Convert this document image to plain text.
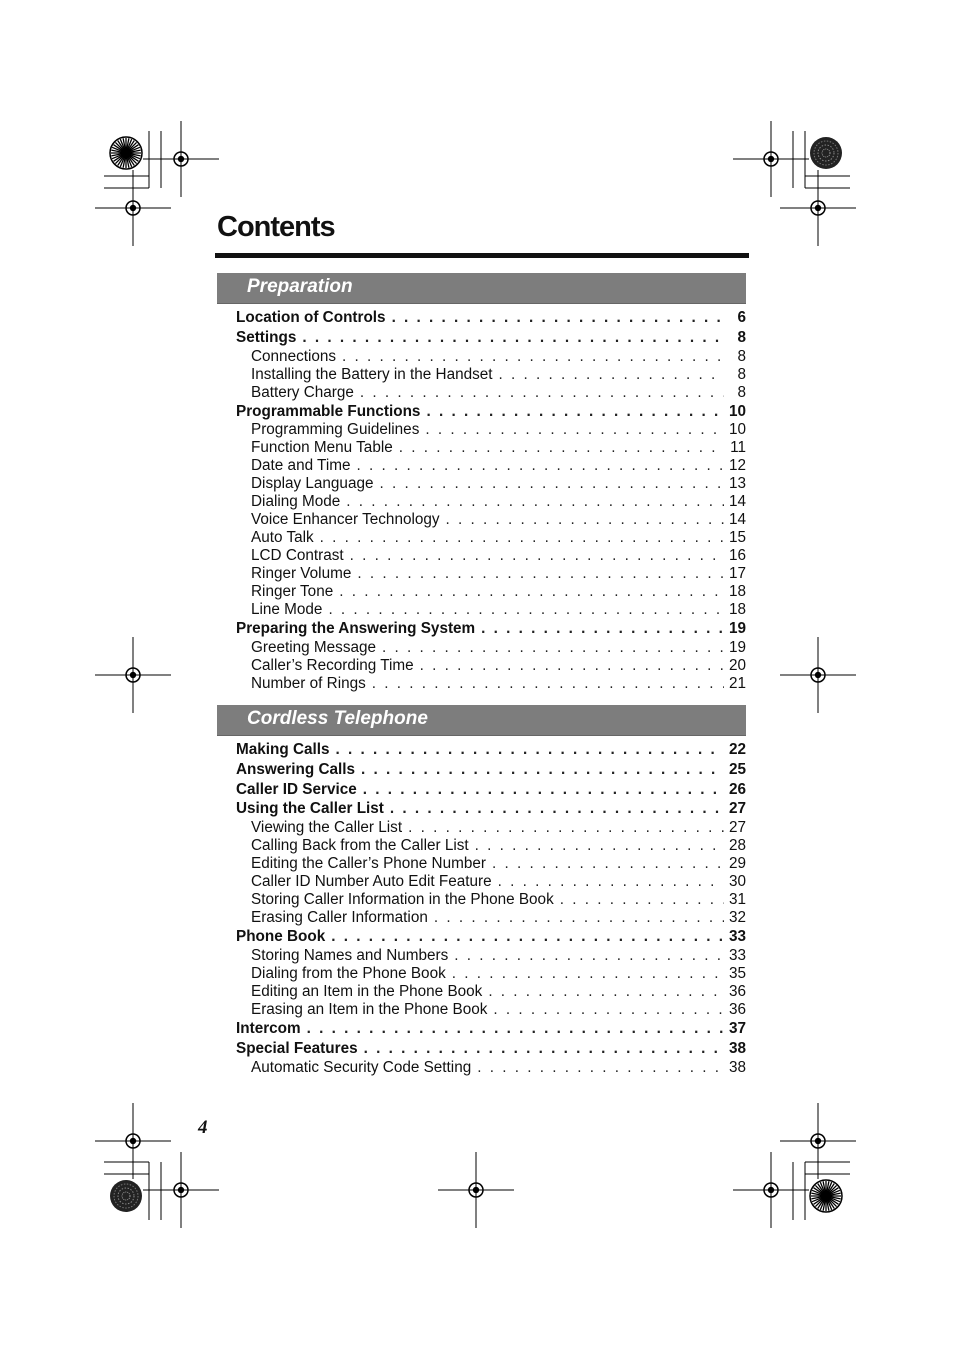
Contents
Preparation
Location of Controls . . .	6
Settings . . .	8
Connections . . .	8
Installing the Battery in the Handset . . .	8
Battery Charge . . .	8
Programmable Functions . . .	10
Programming Guidelines . . .	10
Function Menu Table . . .	11
Date and Time . . .	12
Display Language . . .	13
Dialing Mode . . .	14
Voice Enhancer Technology . . .	14
Auto Talk . . .	15
LCD Contrast . . .	16
Ringer Volume . . .	17
Ringer Tone . . .	18
Line Mode . . .	18
Preparing the Answering System . . .	19
Greeting Message . . .	19
Caller’s Recording Time . . .	20
Number of Rings . . .	21
Cordless Telephone
Making Calls . . .	22
Answering Calls . . .	25
Caller ID Service . . .	26
Using the Caller List . . .	27
Viewing the Caller List . . .	27
Calling Back from the Caller List . . .	28
Editing the Caller’s Phone Number . . .	29
Caller ID Number Auto Edit Feature . . .	30
Storing Caller Information in the Phone Book . . .	31
Erasing Caller Information . . .	32
Phone Book . . .	33
Storing Names and Numbers . . .	33
Dialing from the Phone Book . . .	35
Editing an Item in the Phone Book . . .	36
Erasing an Item in the Phone Book . . .	36
Intercom . . .	37
Special Features . . .	38
Automatic Security Code Setting . . .	38
4
